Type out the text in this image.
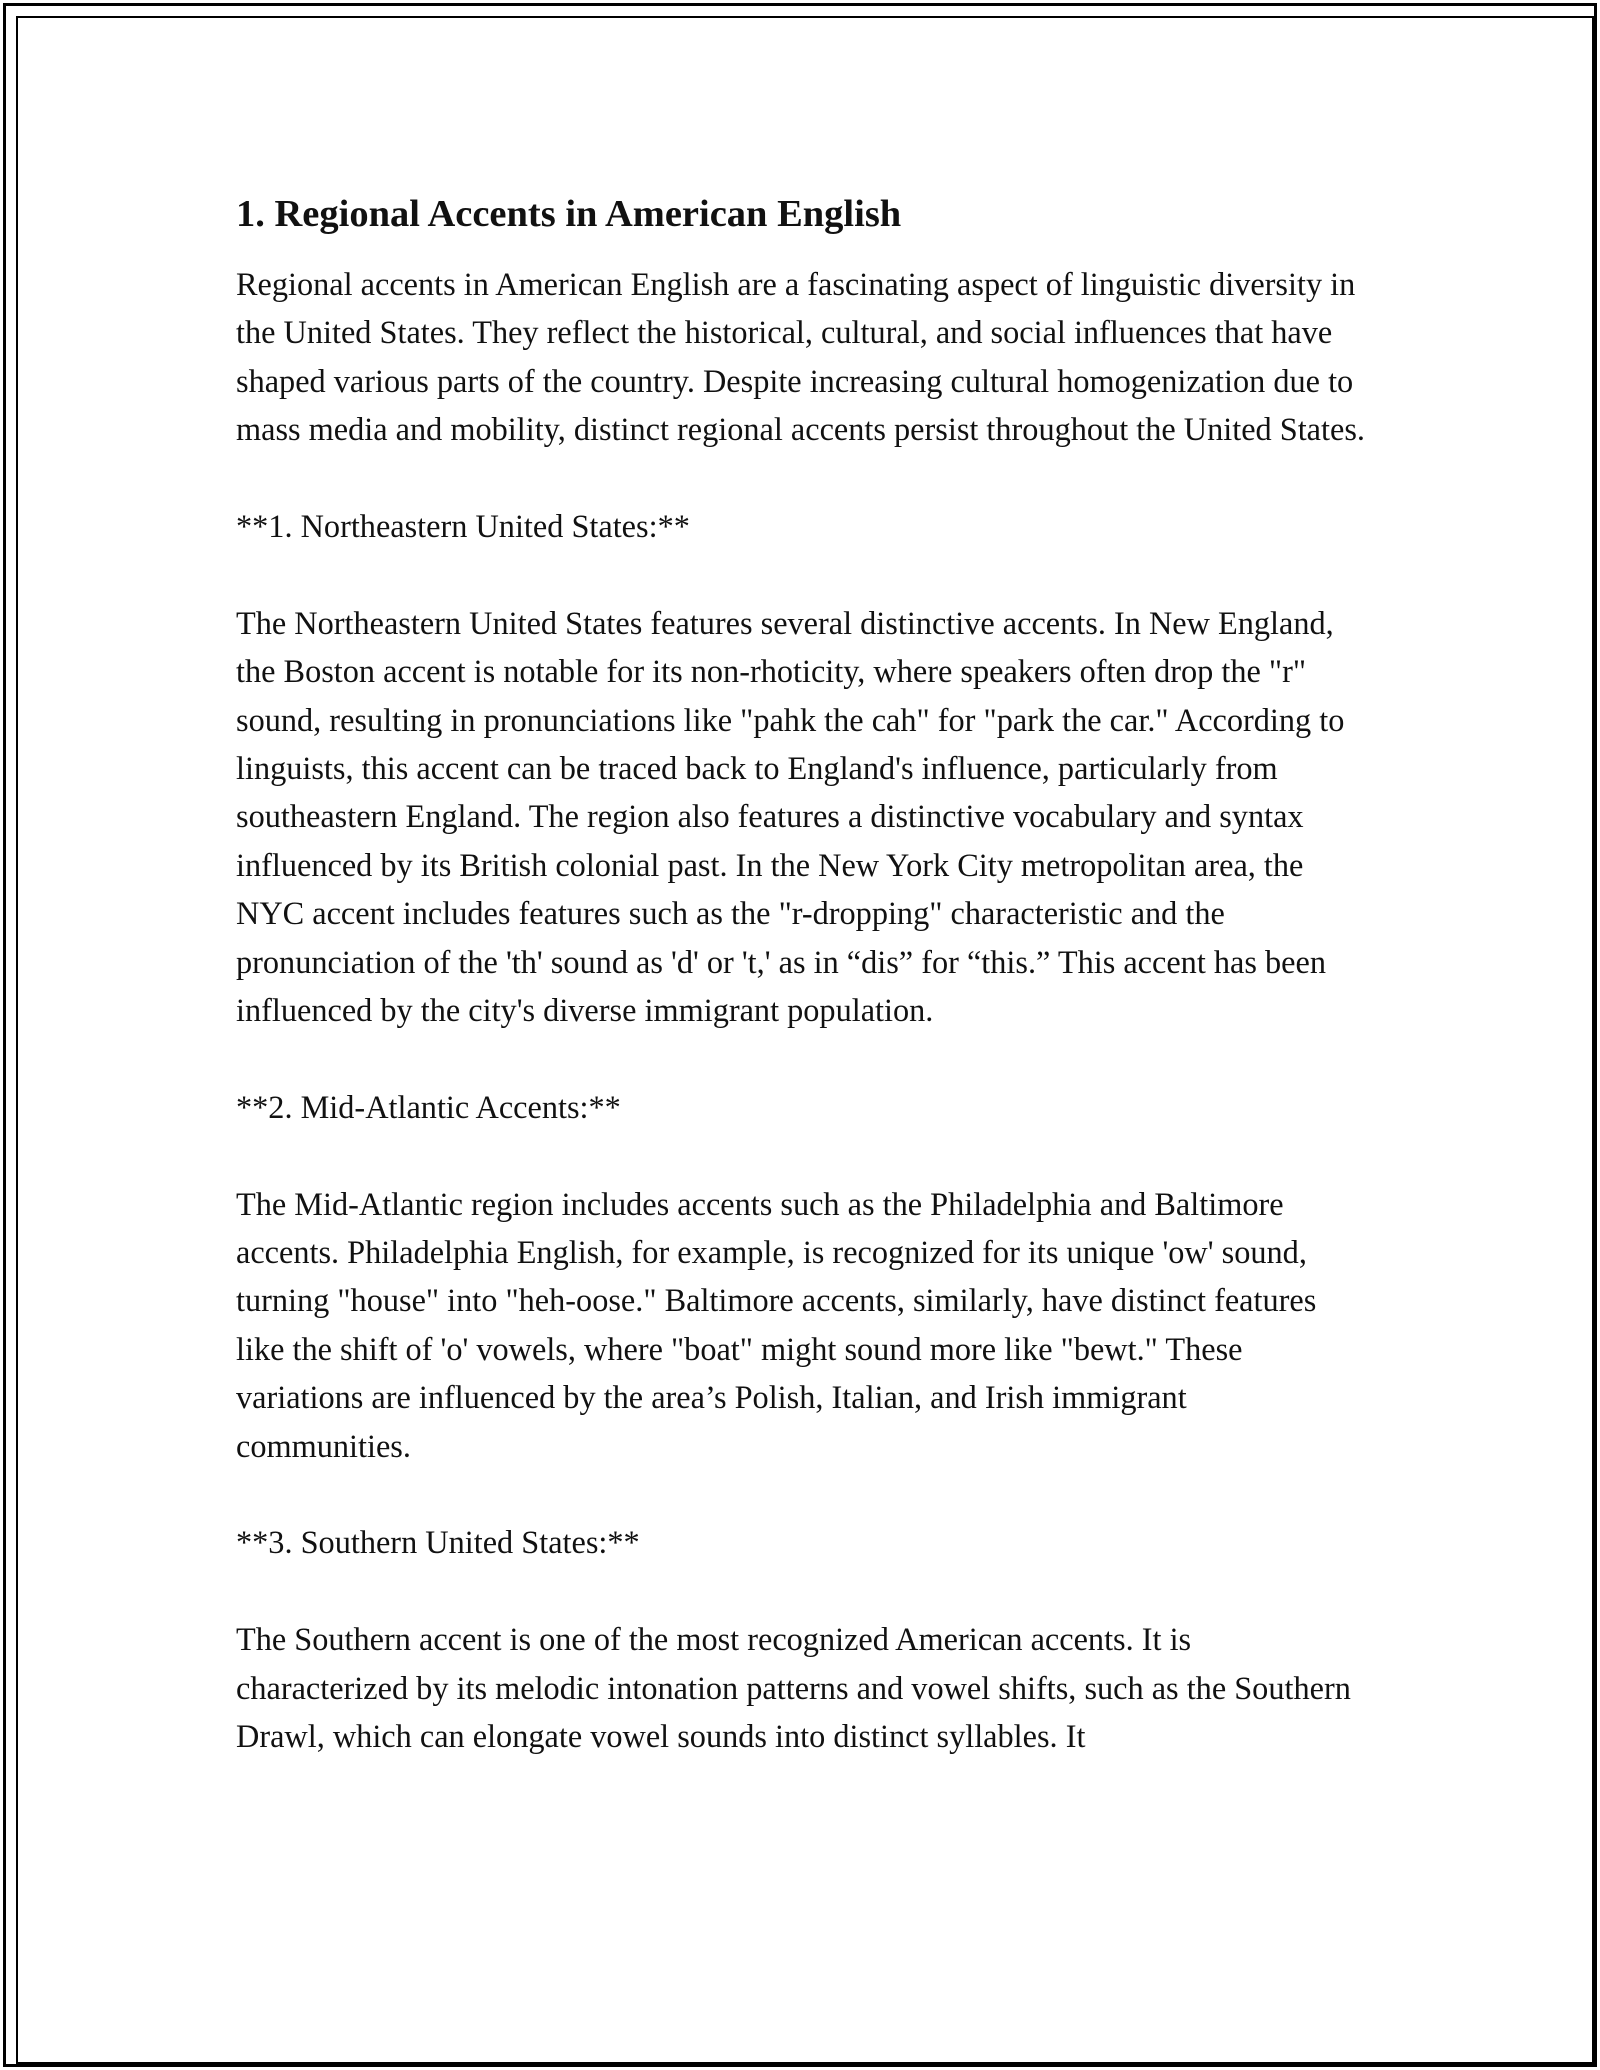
1. Regional Accents in American English

Regional accents in American English are a fascinating aspect of linguistic diversity in the United States. They reflect the historical, cultural, and social influences that have shaped various parts of the country. Despite increasing cultural homogenization due to mass media and mobility, distinct regional accents persist throughout the United States.

**1. Northeastern United States:**

The Northeastern United States features several distinctive accents. In New England, the Boston accent is notable for its non-rhoticity, where speakers often drop the "r" sound, resulting in pronunciations like "pahk the cah" for "park the car." According to linguists, this accent can be traced back to England's influence, particularly from southeastern England. The region also features a distinctive vocabulary and syntax influenced by its British colonial past. In the New York City metropolitan area, the NYC accent includes features such as the "r-dropping" characteristic and the pronunciation of the 'th' sound as 'd' or 't,' as in “dis” for “this.” This accent has been influenced by the city's diverse immigrant population.

**2. Mid-Atlantic Accents:**

The Mid-Atlantic region includes accents such as the Philadelphia and Baltimore accents. Philadelphia English, for example, is recognized for its unique 'ow' sound, turning "house" into "heh-oose." Baltimore accents, similarly, have distinct features like the shift of 'o' vowels, where "boat" might sound more like "bewt." These variations are influenced by the area’s Polish, Italian, and Irish immigrant communities.

**3. Southern United States:**

The Southern accent is one of the most recognized American accents. It is characterized by its melodic intonation patterns and vowel shifts, such as the Southern Drawl, which can elongate vowel sounds into distinct syllables. It
